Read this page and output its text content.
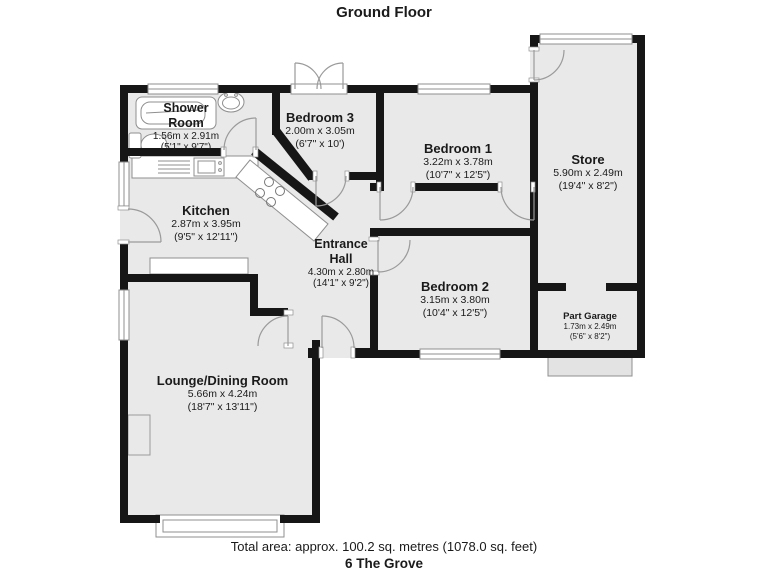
Ground Floor
Shower Room
1.56m x 2.91m
(5'1" x 9'7")
Bedroom 3
2.00m x 3.05m
(6'7" x 10')	Bedroom 1
3.22m x 3.78m
(10'7" x 12'5")
Store
5.90m x 2.49m
(19'4" x 8'2")
Kitchen
2.87m x 3.95m
(9'5" x 12'11")
Entrance Hall
4.30m x 2.80m
(14'1" x 9'2")	Bedroom 2
3.15m x 3.80m
(10'4" x 12'5")	Part Garage
1.73m x 2.49m
(5'6" x 8'2")
Lounge/Dining Room
5.66m x 4.24m
(18'7" x 13'11")
Total area: approx. 100.2 sq. metres (1078.0 sq. feet)
6 The Grove
